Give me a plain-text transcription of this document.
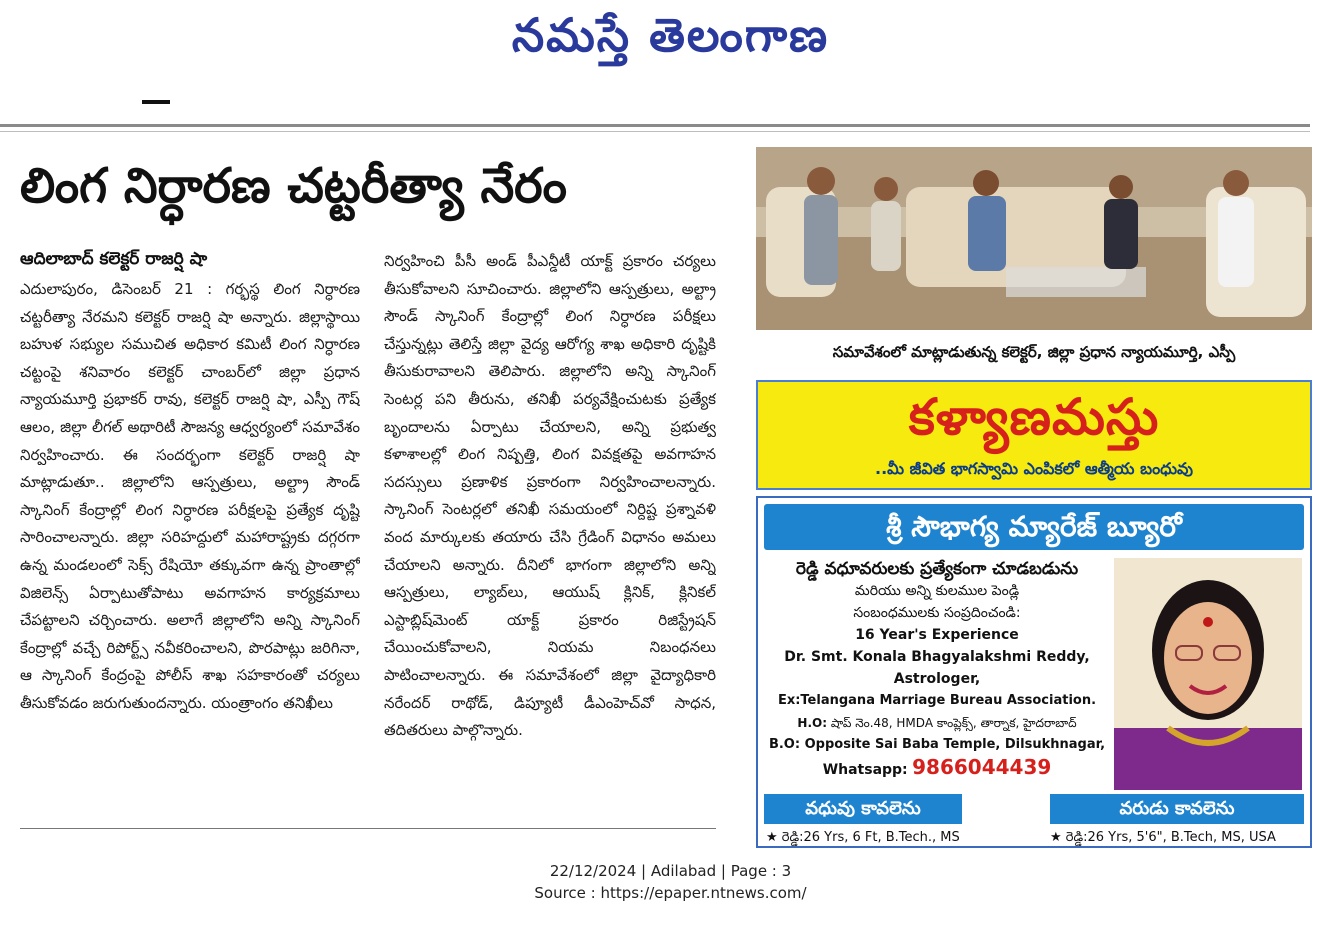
నమస్తే తెలంగాణ
లింగ నిర్ధారణ చట్టరీత్యా నేరం
ఆదిలాబాద్ కలెక్టర్ రాజర్షి షా

ఎదులాపురం, డిసెంబర్ 21 : గర్భస్థ లింగ నిర్ధారణ చట్టరీత్యా నేరమని కలెక్టర్ రాజర్షి షా అన్నారు. జిల్లాస్థాయి బహుళ సభ్యుల సముచిత అధికార కమిటీ లింగ నిర్ధారణ చట్టంపై శనివారం కలెక్టర్ చాంబర్‌లో జిల్లా ప్రధాన న్యాయమూర్తి ప్రభాకర్ రావు, కలెక్టర్ రాజర్షి షా, ఎస్పీ గౌష్ ఆలం, జిల్లా లీగల్ అథారిటీ సౌజన్య ఆధ్వర్యంలో సమావేశం నిర్వహించారు. ఈ సందర్భంగా కలెక్టర్ రాజర్షి షా మాట్లాడుతూ.. జిల్లాలోని ఆస్పత్రులు, అల్ట్రా సౌండ్ స్కానింగ్ కేంద్రాల్లో లింగ నిర్ధారణ పరీక్షలపై ప్రత్యేక దృష్టి సారించాలన్నారు. జిల్లా సరిహద్దులో మహారాష్ట్రకు దగ్గరగా ఉన్న మండలంలో సెక్స్ రేషియో తక్కువగా ఉన్న ప్రాంతాల్లో విజిలెన్స్ ఏర్పాటుతోపాటు అవగాహన కార్యక్రమాలు చేపట్టాలని చర్చించారు. అలాగే జిల్లాలోని అన్ని స్కానింగ్ కేంద్రాల్లో వచ్చే రిపోర్ట్స్ నవీకరించాలని, పొరపాట్లు జరిగినా, ఆ స్కానింగ్ కేంద్రంపై పోలీస్ శాఖ సహకారంతో చర్యలు తీసుకోవడం జరుగుతుందన్నారు. యంత్రాంగం తనిఖీలు

నిర్వహించి పీసీ అండ్ పీఎన్డీటీ యాక్ట్ ప్రకారం చర్యలు తీసుకోవాలని సూచించారు. జిల్లాలోని ఆస్పత్రులు, అల్ట్రా సౌండ్ స్కానింగ్ కేంద్రాల్లో లింగ నిర్ధారణ పరీక్షలు చేస్తున్నట్లు తెలిస్తే జిల్లా వైద్య ఆరోగ్య శాఖ అధికారి దృష్టికి తీసుకురావాలని తెలిపారు. జిల్లాలోని అన్ని స్కానింగ్ సెంటర్ల పని తీరును, తనిఖీ పర్యవేక్షించుటకు ప్రత్యేక బృందాలను ఏర్పాటు చేయాలని, అన్ని ప్రభుత్వ కళాశాలల్లో లింగ నిష్పత్తి, లింగ వివక్షతపై అవగాహన సదస్సులు ప్రణాళిక ప్రకారంగా నిర్వహించాలన్నారు. స్కానింగ్ సెంటర్లలో తనిఖీ సమయంలో నిర్దిష్ట ప్రశ్నావళి వంద మార్కులకు తయారు చేసి గ్రేడింగ్ విధానం అమలు చేయాలని అన్నారు. దీనిలో భాగంగా జిల్లాలోని అన్ని ఆస్పత్రులు, ల్యాబ్‌లు, ఆయుష్ క్లినిక్, క్లినికల్ ఎస్టాబ్లిష్‌మెంట్ యాక్ట్ ప్రకారం రిజిస్ట్రేషన్ చేయించుకోవాలని, నియమ నిబంధనలు పాటించాలన్నారు. ఈ సమావేశంలో జిల్లా వైద్యాధికారి నరేందర్ రాథోడ్, డిప్యూటీ డీఎంహెచ్‌వో సాధన, తదితరులు పాల్గొన్నారు.

సమావేశంలో మాట్లాడుతున్న కలెక్టర్, జిల్లా ప్రధాన న్యాయమూర్తి, ఎస్పీ
కళ్యాణమస్తు
..మీ జీవిత భాగస్వామి ఎంపికలో ఆత్మీయ బంధువు
శ్రీ సౌభాగ్య మ్యారేజ్ బ్యూరో
రెడ్డి వధూవరులకు ప్రత్యేకంగా చూడబడును
మరియు అన్ని కులముల పెండ్లి
సంబంధములకు సంప్రదించండి:
16 Year's Experience
Dr. Smt. Konala Bhagyalakshmi Reddy,
Astrologer,
Ex:Telangana Marriage Bureau Association.
H.O: షాప్ నెం.48, HMDA కాంప్లెక్స్, తార్నాక, హైదరాబాద్
B.O: Opposite Sai Baba Temple, Dilsukhnagar,
Whatsapp: 9866044439
వధువు కావలెను	వరుడు కావలెను
★ రెడ్డి:26 Yrs, 6 Ft, B.Tech., MS	★ రెడ్డి:26 Yrs, 5'6", B.Tech, MS, USA
22/12/2024 | Adilabad | Page : 3
Source : https://epaper.ntnews.com/
